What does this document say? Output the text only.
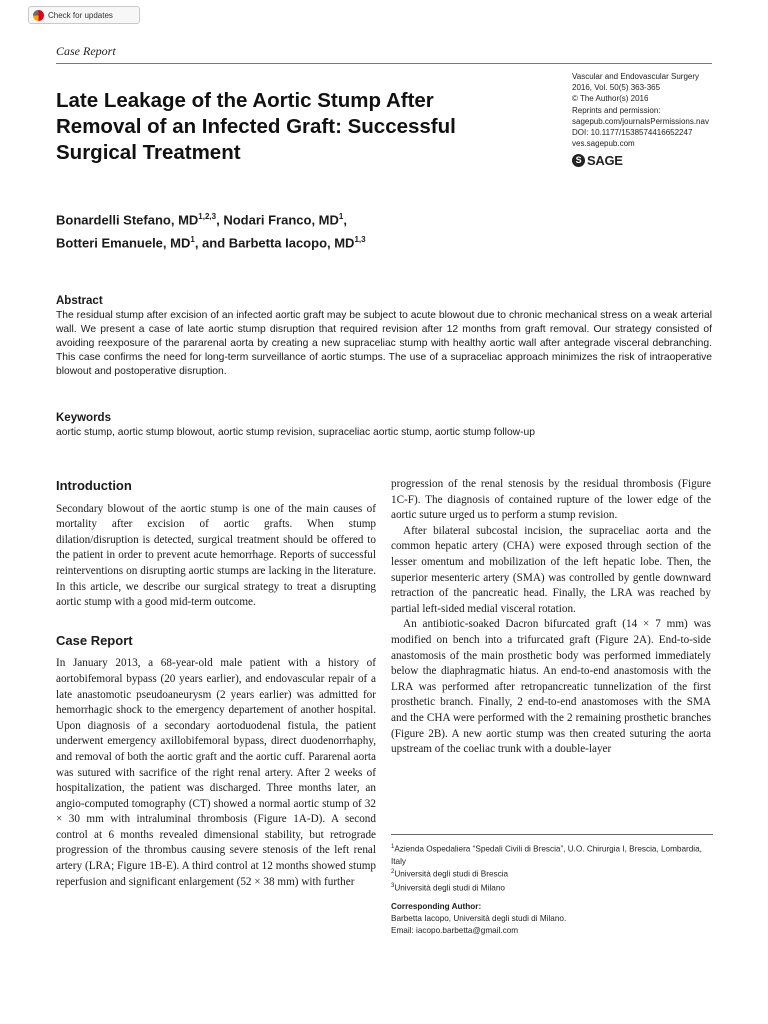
Check for updates
Case Report
Vascular and Endovascular Surgery
2016, Vol. 50(5) 363-365
© The Author(s) 2016
Reprints and permission:
sagepub.com/journalsPermissions.nav
DOI: 10.1177/1538574416652247
ves.sagepub.com
S SAGE
Late Leakage of the Aortic Stump After Removal of an Infected Graft: Successful Surgical Treatment
Bonardelli Stefano, MD$^{1,2,3}$, Nodari Franco, $MD^1$,
Botteri Emanuele, $MD^1$, and Barbetta Iacopo, MD$^{1,3}$
Abstract
The residual stump after excision of an infected aortic graft may be subject to acute blowout due to chronic mechanical stress on a weak arterial wall. We present a case of late aortic stump disruption that required revision after 12 months from graft removal. Our strategy consisted of avoiding reexposure of the pararenal aorta by creating a new supraceliac stump with healthy aortic wall after antegrade visceral debranching. This case confirms the need for long-term surveillance of aortic stumps. The use of a supraceliac approach minimizes the risk of intraoperative blowout and postoperative disruption.
Keywords
aortic stump, aortic stump blowout, aortic stump revision, supraceliac aortic stump, aortic stump follow-up
Introduction

Secondary blowout of the aortic stump is one of the main causes of mortality after excision of aortic grafts. When stump dilation/disruption is detected, surgical treatment should be offered to the patient in order to prevent acute hemorrhage. Reports of successful reinterventions on disrupting aortic stumps are lacking in the literature. In this article, we describe our surgical strategy to treat a disrupting aortic stump with a good mid-term outcome.

Case Report

In January 2013, a 68-year-old male patient with a history of aortobifemoral bypass (20 years earlier), and endovascular repair of a late anastomotic pseudoaneurysm (2 years earlier) was admitted for hemorrhagic shock to the emergency departement of another hospital. Upon diagnosis of a secondary aortoduodenal fistula, the patient underwent emergency axillobifemoral bypass, direct duodenorrhaphy, and removal of both the aortic graft and the aortic cuff. Pararenal aorta was sutured with sacrifice of the right renal artery. After 2 weeks of hospitalization, the patient was discharged. Three months later, an angio-computed tomography (CT) showed a normal aortic stump of 32 × 30 mm with intraluminal thrombosis (Figure 1A-D). A second control at 6 months revealed dimensional stability, but retrograde progression of the thrombus causing severe stenosis of the left renal artery (LRA; Figure 1B-E). A third control at 12 months showed stump reperfusion and significant enlargement (52 × 38 mm) with further

progression of the renal stenosis by the residual thrombosis (Figure 1C-F). The diagnosis of contained rupture of the lower edge of the aortic suture urged us to perform a stump revision.

After bilateral subcostal incision, the supraceliac aorta and the common hepatic artery (CHA) were exposed through section of the lesser omentum and mobilization of the left hepatic lobe. Then, the superior mesenteric artery (SMA) was controlled by gentle downward retraction of the pancreatic head. Finally, the LRA was reached by partial left-sided medial visceral rotation.

An antibiotic-soaked Dacron bifurcated graft (14 × 7 mm) was modified on bench into a trifurcated graft (Figure 2A). End-to-side anastomosis of the main prosthetic body was performed immediately below the diaphragmatic hiatus. An end-to-end anastomosis with the LRA was performed after retropancreatic tunnelization of the first prosthetic branch. Finally, 2 end-to-end anastomoses with the SMA and the CHA were performed with the 2 remaining prosthetic branches (Figure 2B). A new aortic stump was then created suturing the aorta upstream of the coeliac trunk with a double-layer

$^1$Azienda Ospedaliera “Spedali Civili di Brescia”, U.O. Chirurgia I, Brescia, Lombardia, Italy
$^2$Università degli studi di Brescia
$^3$Università degli studi di Milano
Corresponding Author:
Barbetta Iacopo, Università degli studi di Milano.
Email: iacopo.barbetta@gmail.com
